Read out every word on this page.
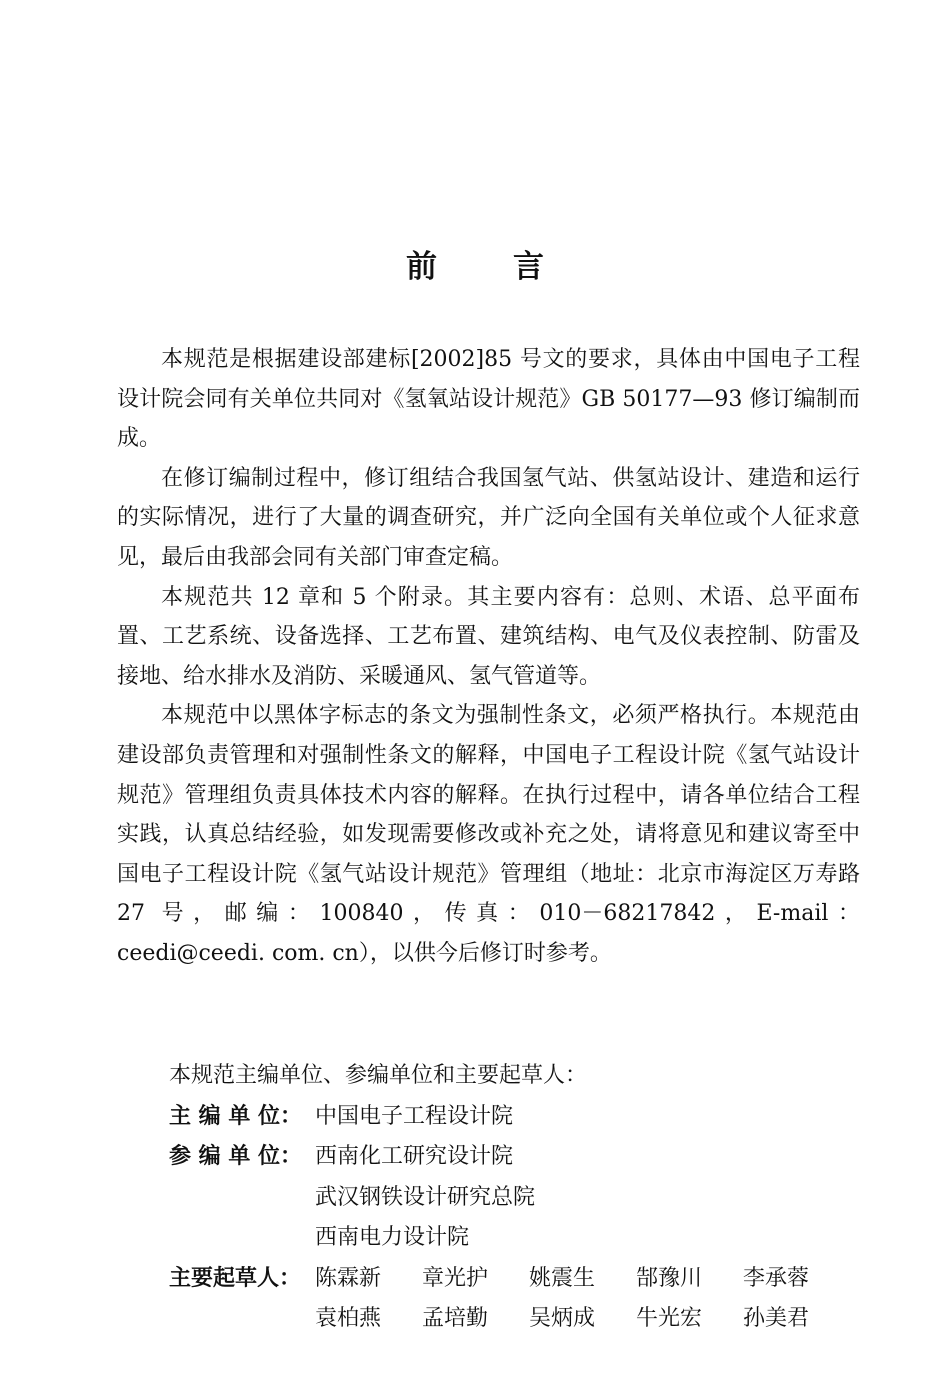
前 言

本规范是根据建设部建标[2002]85 号文的要求，具体由中国电子工程设计院会同有关单位共同对《氢氧站设计规范》GB 50177—93 修订编制而成。

在修订编制过程中，修订组结合我国氢气站、供氢站设计、建造和运行的实际情况，进行了大量的调查研究，并广泛向全国有关单位或个人征求意见，最后由我部会同有关部门审查定稿。

本规范共 12 章和 5 个附录。其主要内容有：总则、术语、总平面布置、工艺系统、设备选择、工艺布置、建筑结构、电气及仪表控制、防雷及接地、给水排水及消防、采暖通风、氢气管道等。

本规范中以黑体字标志的条文为强制性条文，必须严格执行。本规范由建设部负责管理和对强制性条文的解释，中国电子工程设计院《氢气站设计规范》管理组负责具体技术内容的解释。在执行过程中，请各单位结合工程实践，认真总结经验，如发现需要修改或补充之处，请将意见和建议寄至中国电子工程设计院《氢气站设计规范》管理组（地址：北京市海淀区万寿路 27 号，邮编：100840，传真：010－68217842，E-mail：ceedi@ceedi. com. cn），以供今后修订时参考。

本规范主编单位、参编单位和主要起草人：
主 编 单 位： 中国电子工程设计院
参 编 单 位： 西南化工研究设计院
武汉钢铁设计研究总院
西南电力设计院
主要起草人： 陈霖新	章光护	姚震生	郜豫川	李承蓉
袁柏燕	孟培勤	吴炳成	牛光宏	孙美君
